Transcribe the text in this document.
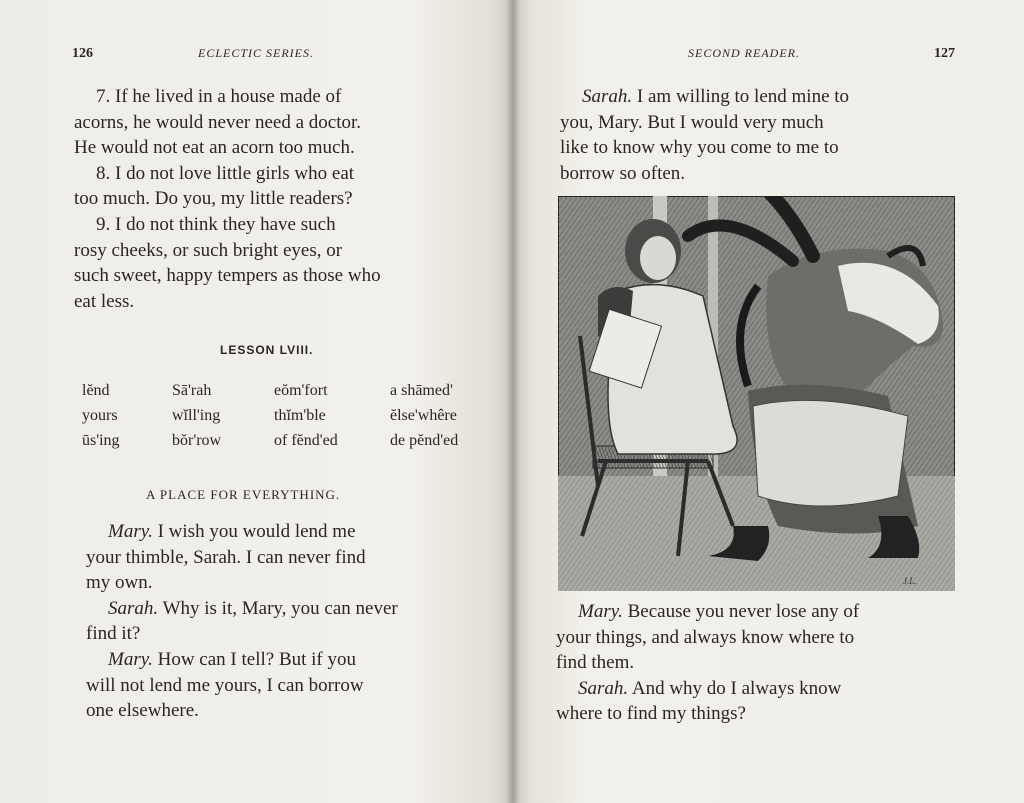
126	ECLECTIC SERIES.

7. If he lived in a house made of

acorns, he would never need a doctor.

He would not eat an acorn too much.

8. I do not love little girls who eat

too much. Do you, my little readers?

9. I do not think they have such

rosy cheeks, or such bright eyes, or

such sweet, happy tempers as those who

eat less.

LESSON LVIII.
lĕnd
yours
ūs'ing
Sā'rah
wĭll'ing
bŏr'row
eŏm'fort
thĭm'ble
of fĕnd'ed
a shāmed'
ĕlse'whêre
de pĕnd'ed
A PLACE FOR EVERYTHING.

Mary. I wish you would lend me

your thimble, Sarah. I can never find

my own.

Sarah. Why is it, Mary, you can never

find it?

Mary. How can I tell? But if you

will not lend me yours, I can borrow

one elsewhere.

SECOND READER.	127

Sarah. I am willing to lend mine to

you, Mary. But I would very much

like to know why you come to me to

borrow so often.

J.L.

Mary. Because you never lose any of

your things, and always know where to

find them.

Sarah. And why do I always know

where to find my things?
